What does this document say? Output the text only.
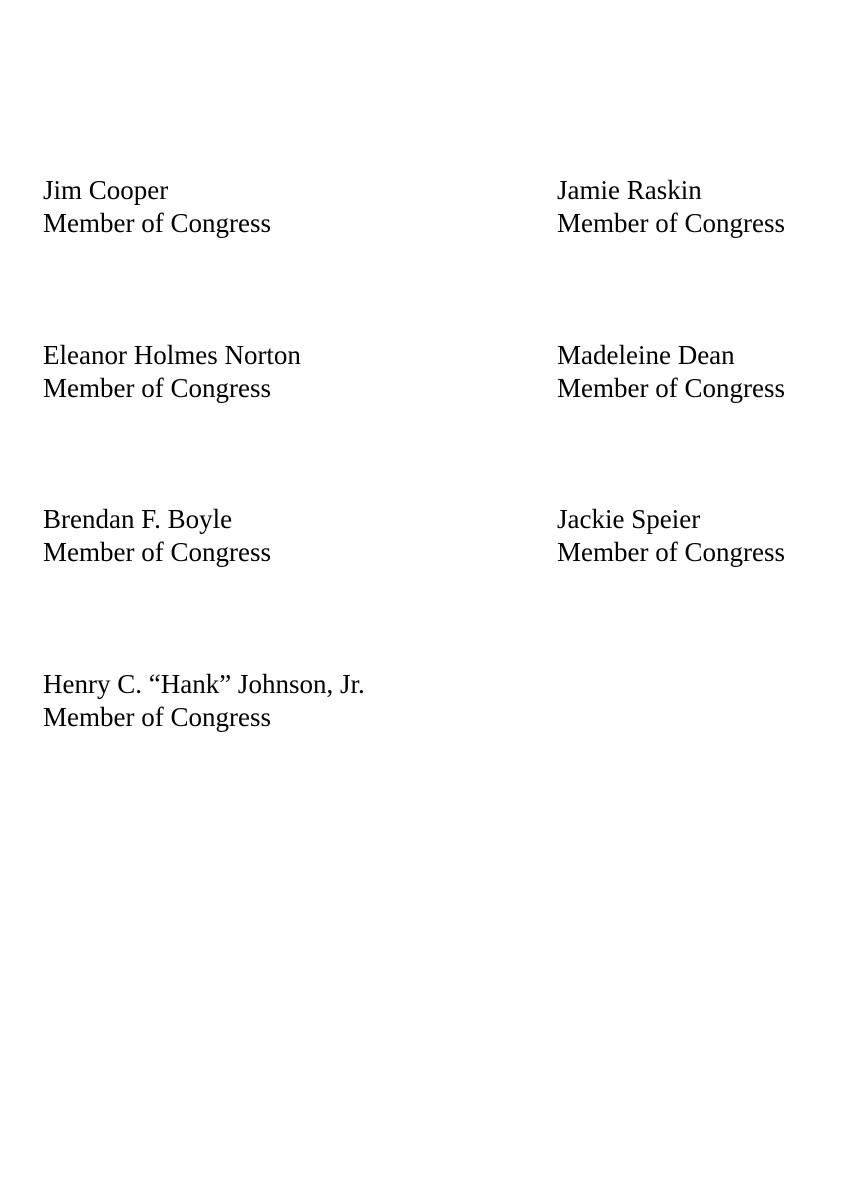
Jim Cooper
Member of Congress
Jamie Raskin
Member of Congress
Eleanor Holmes Norton
Member of Congress
Madeleine Dean
Member of Congress
Brendan F. Boyle
Member of Congress
Jackie Speier
Member of Congress
Henry C. “Hank” Johnson, Jr.
Member of Congress
